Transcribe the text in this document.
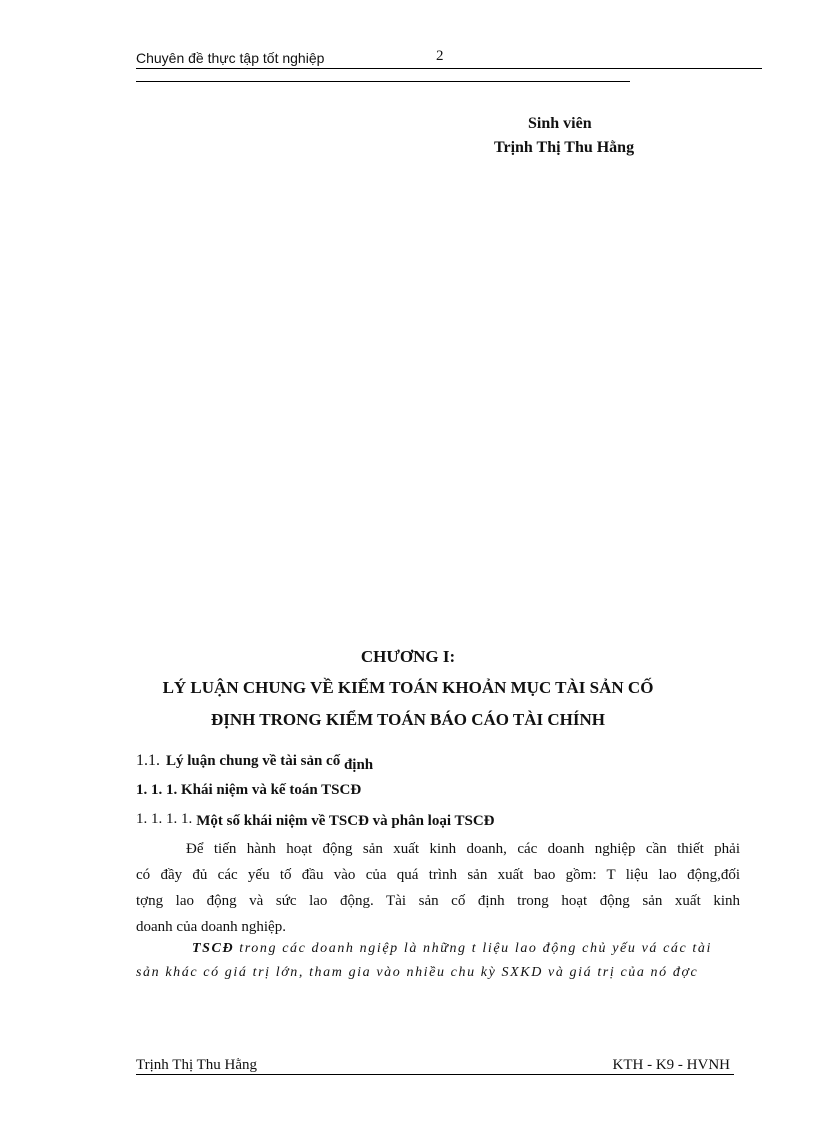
Chuyên đề thực tập tốt nghiệp	2
Sinh viên
Trịnh Thị Thu Hằng
CHƯƠNG I:
LÝ LUẬN CHUNG VỀ KIỂM TOÁN KHOẢN MỤC TÀI SẢN CỐ
ĐỊNH TRONG KIỂM TOÁN BÁO CÁO TÀI CHÍNH
1.1. Lý luận chung về tài sản cố định
1. 1. 1. Khái niệm và kế toán TSCĐ
1. 1. 1. 1. Một số khái niệm về TSCĐ và phân loại TSCĐ
Để tiến hành hoạt động sản xuất kinh doanh, các doanh nghiệp cần thiết phải
có đầy đủ các yếu tố đầu vào của quá trình sản xuất bao gồm: T liệu lao động,đối
tợng lao động và sức lao động. Tài sản cố định trong hoạt động sản xuất kinh
doanh của doanh nghiệp.
TSCĐ trong các doanh ngiệp là những t liệu lao động chủ yếu vá các tài
sản khác có giá trị lớn, tham gia vào nhiều chu kỳ SXKD và giá trị của nó đợc
Trịnh Thị Thu Hằng	KTH - K9 - HVNH
